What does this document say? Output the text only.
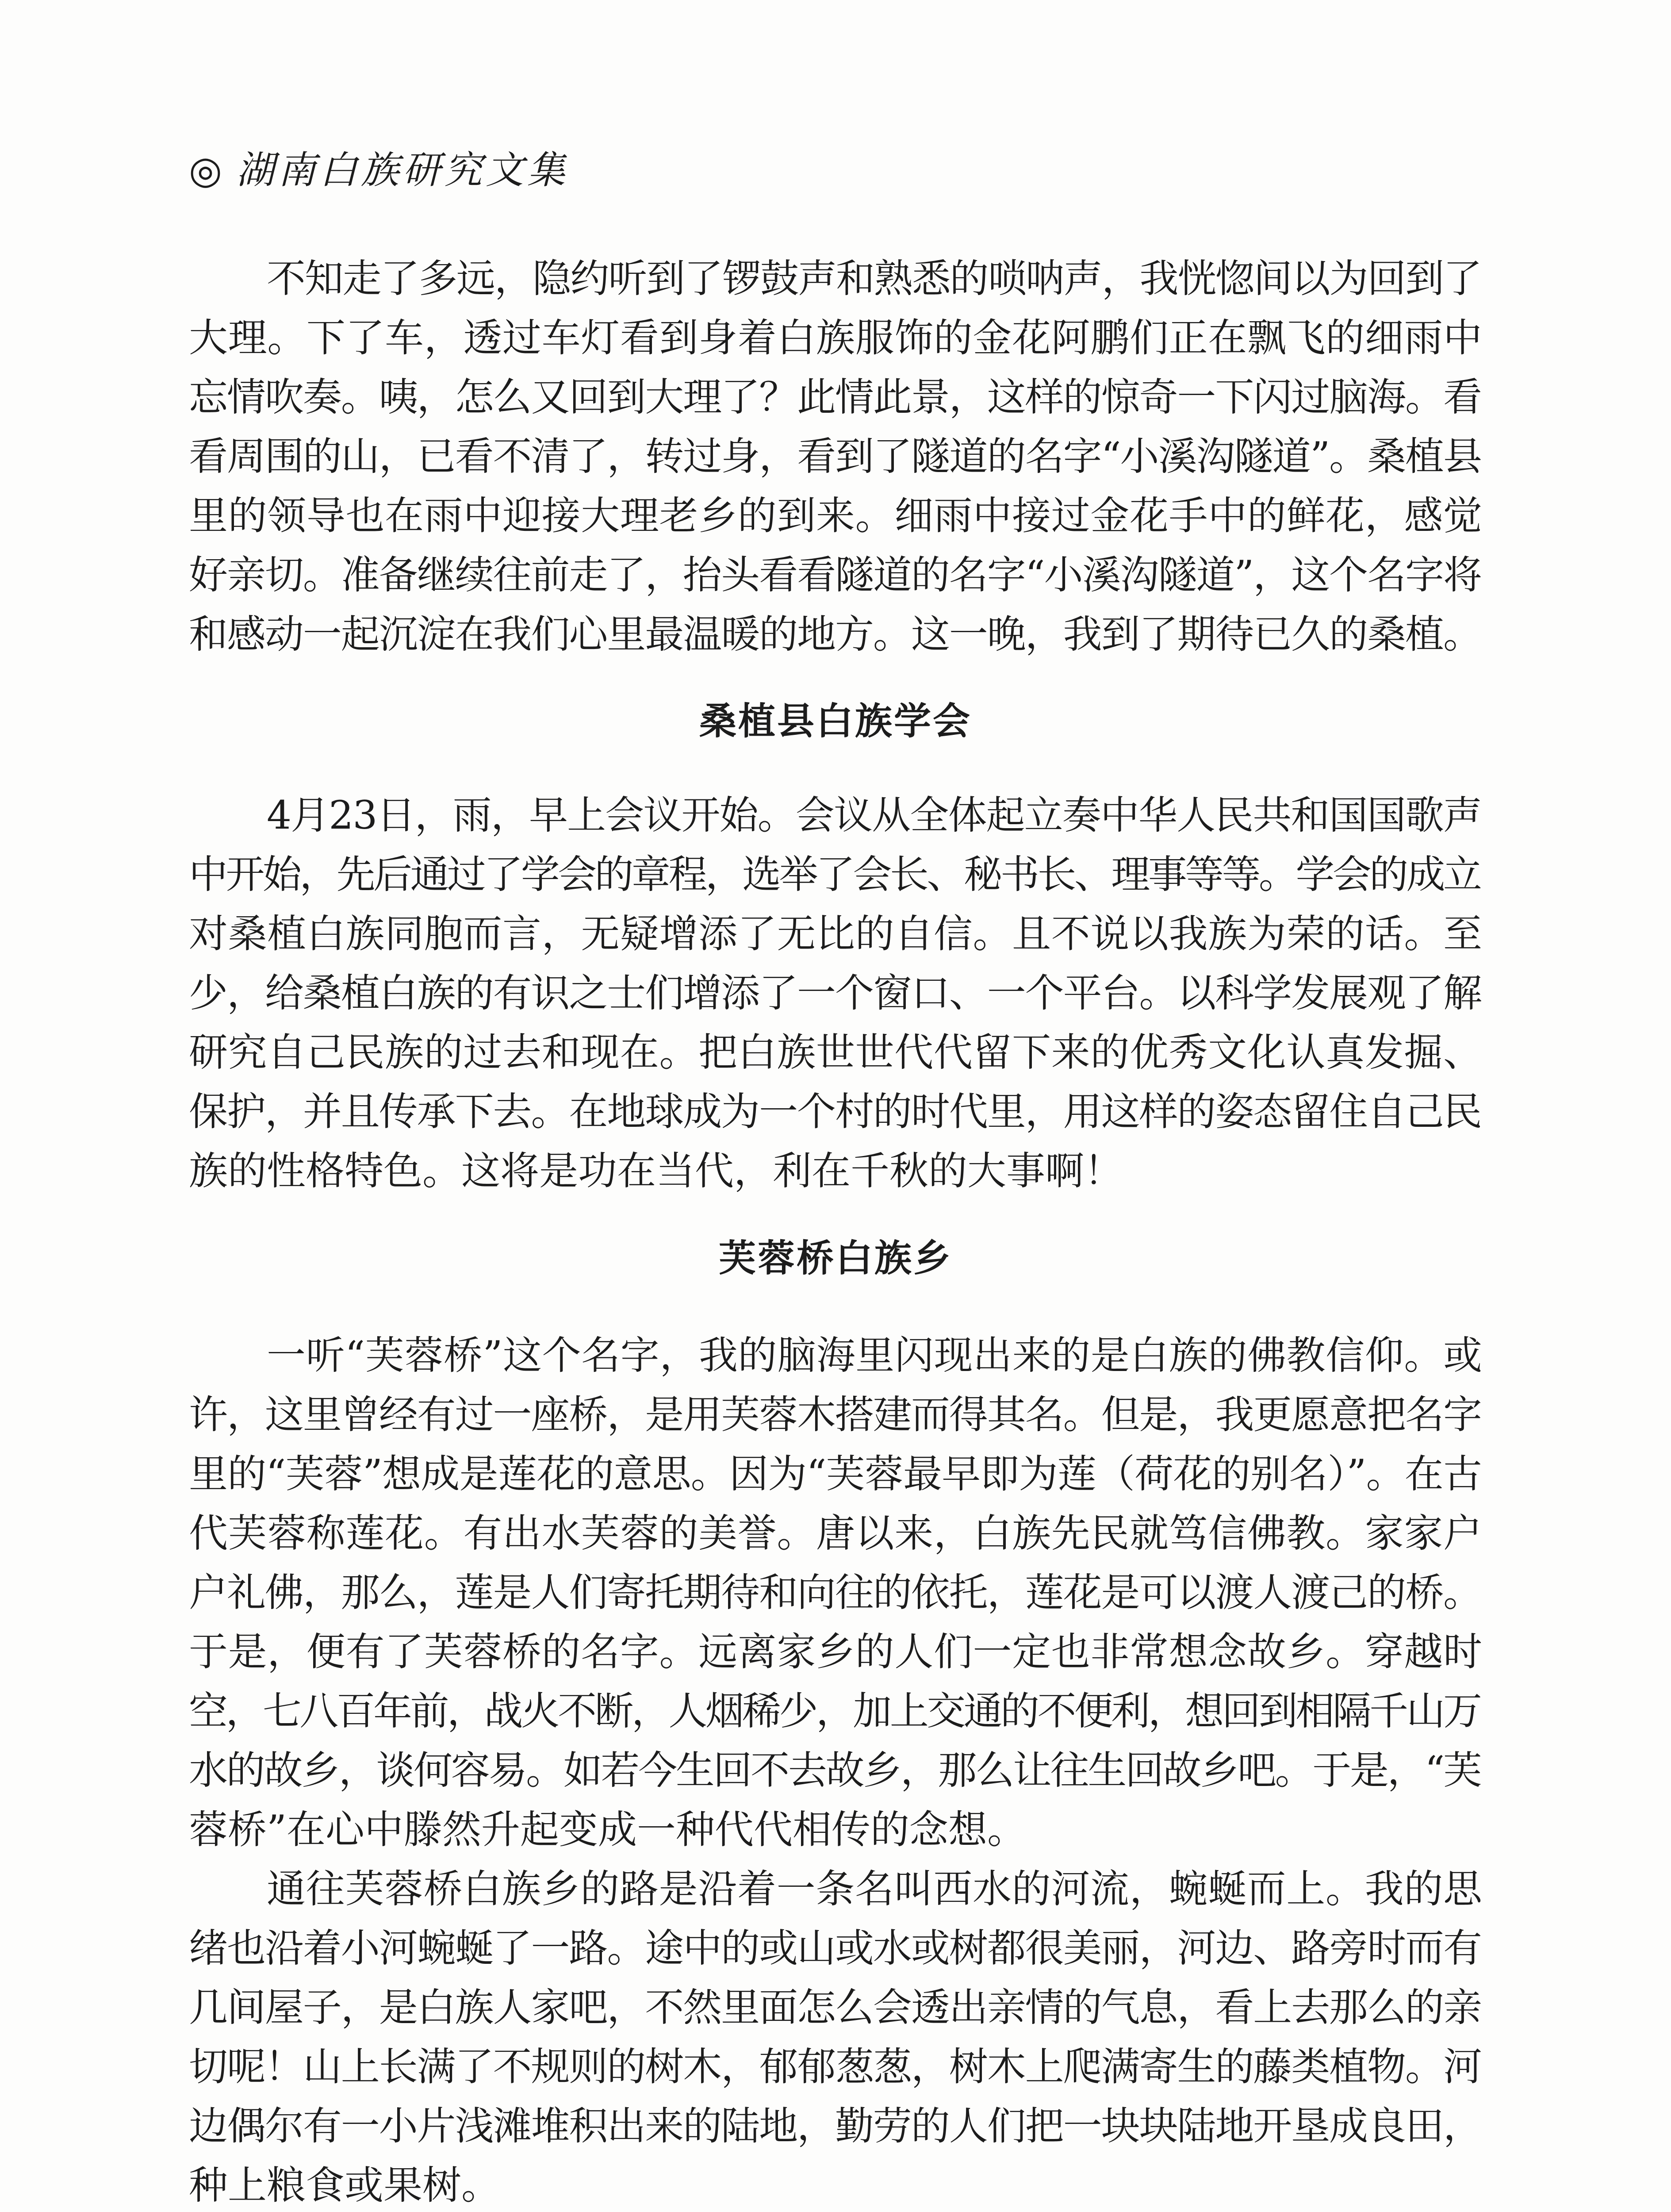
◎ 湖南白族研究文集
不知走了多远，隐约听到了锣鼓声和熟悉的唢呐声，我恍惚间以为回到了
大理。下了车，透过车灯看到身着白族服饰的金花阿鹏们正在飘飞的细雨中
忘情吹奏。咦，怎么又回到大理了？此情此景，这样的惊奇一下闪过脑海。看
看周围的山，已看不清了，转过身，看到了隧道的名字“小溪沟隧道”。桑植县
里的领导也在雨中迎接大理老乡的到来。细雨中接过金花手中的鲜花，感觉
好亲切。准备继续往前走了，抬头看看隧道的名字“小溪沟隧道”，这个名字将
和感动一起沉淀在我们心里最温暖的地方。这一晚，我到了期待已久的桑植。
桑植县白族学会
4月23日，雨，早上会议开始。会议从全体起立奏中华人民共和国国歌声
中开始，先后通过了学会的章程，选举了会长、秘书长、理事等等。学会的成立
对桑植白族同胞而言，无疑增添了无比的自信。且不说以我族为荣的话。至
少，给桑植白族的有识之士们增添了一个窗口、一个平台。以科学发展观了解
研究自己民族的过去和现在。把白族世世代代留下来的优秀文化认真发掘、
保护，并且传承下去。在地球成为一个村的时代里，用这样的姿态留住自己民
族的性格特色。这将是功在当代，利在千秋的大事啊！
芙蓉桥白族乡
一听“芙蓉桥”这个名字，我的脑海里闪现出来的是白族的佛教信仰。或
许，这里曾经有过一座桥，是用芙蓉木搭建而得其名。但是，我更愿意把名字
里的“芙蓉”想成是莲花的意思。因为“芙蓉最早即为莲（荷花的别名）”。在古
代芙蓉称莲花。有出水芙蓉的美誉。唐以来，白族先民就笃信佛教。家家户
户礼佛，那么，莲是人们寄托期待和向往的依托，莲花是可以渡人渡己的桥。
于是，便有了芙蓉桥的名字。远离家乡的人们一定也非常想念故乡。穿越时
空，七八百年前，战火不断，人烟稀少，加上交通的不便利，想回到相隔千山万
水的故乡，谈何容易。如若今生回不去故乡，那么让往生回故乡吧。于是，“芙
蓉桥”在心中滕然升起变成一种代代相传的念想。
通往芙蓉桥白族乡的路是沿着一条名叫西水的河流，蜿蜒而上。我的思
绪也沿着小河蜿蜒了一路。途中的或山或水或树都很美丽，河边、路旁时而有
几间屋子，是白族人家吧，不然里面怎么会透出亲情的气息，看上去那么的亲
切呢！山上长满了不规则的树木，郁郁葱葱，树木上爬满寄生的藤类植物。河
边偶尔有一小片浅滩堆积出来的陆地，勤劳的人们把一块块陆地开垦成良田，
种上粮食或果树。
